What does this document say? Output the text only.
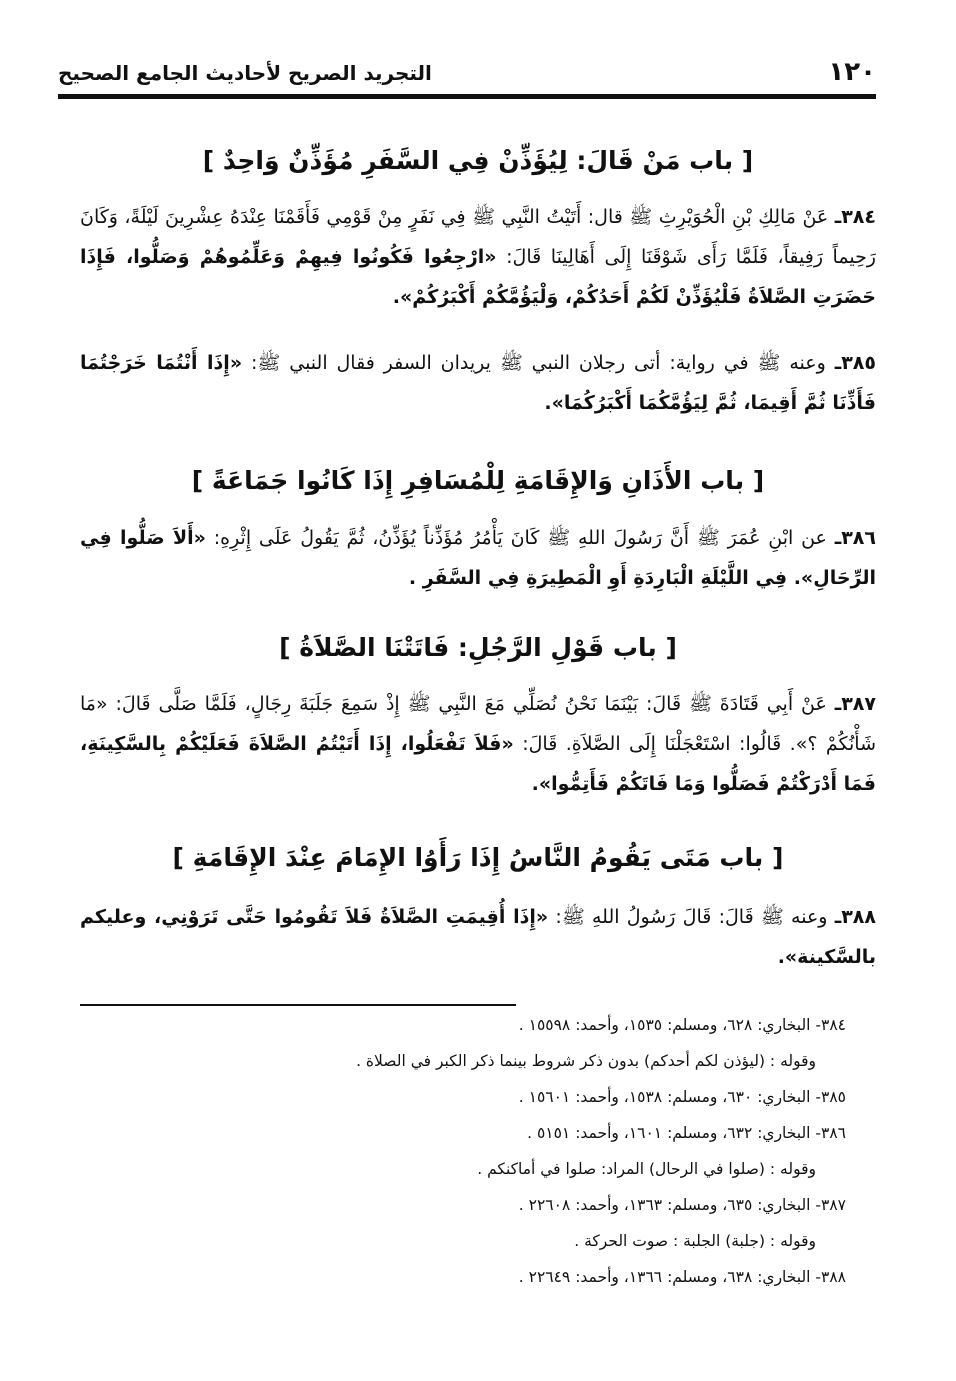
١٢٠
التجريد الصريح لأحاديث الجامع الصحيح
[ باب مَنْ قَالَ: لِيُؤَذِّنْ فِي السَّفَرِ مُؤَذِّنٌ وَاحِدٌ ]
٣٨٤ـ عَنْ مَالِكِ بْنِ الْحُوَيْرِثِ ﷺ قال: أَتَيْتُ النَّبِي ﷺ فِي نَفَرٍ مِنْ قَوْمِي فَأَقَمْنَا عِنْدَهُ عِشْرِينَ لَيْلَةً، وَكَانَ رَحِيماً رَفِيقاً، فَلَمَّا رَأَى شَوْقَنَا إِلَى أَهَالِينَا قَالَ: «ارْجِعُوا فَكُونُوا فِيهِمْ وَعَلِّمُوهُمْ وَصَلُّوا، فَإِذَا حَضَرَتِ الصَّلاَةُ فَلْيُؤَذِّنْ لَكُمْ أَحَدُكُمْ، وَلْيَؤُمَّكُمْ أَكْبَرُكُمْ».
٣٨٥ـ وعنه ﷺ في رواية: أتى رجلان النبي ﷺ يريدان السفر فقال النبي ﷺ: «إِذَا أَنْتُمَا خَرَجْتُمَا فَأَذِّنَا ثُمَّ أَقِيمَا، ثُمَّ لِيَؤُمَّكُمَا أَكْبَرُكُمَا».
[ باب الأَذَانِ وَالإِقَامَةِ لِلْمُسَافِرِ إِذَا كَانُوا جَمَاعَةً ]
٣٨٦ـ عن ابْنِ عُمَرَ ﷺ أَنَّ رَسُولَ اللهِ ﷺ كَانَ يَأْمُرُ مُؤَذِّناً يُؤَذِّنُ، ثُمَّ يَقُولُ عَلَى إِثْرِهِ: «أَلاَ صَلُّوا فِي الرِّحَالِ». فِي اللَّيْلَةِ الْبَارِدَةِ أَوِ الْمَطِيرَةِ فِي السَّفَرِ .
[ باب قَوْلِ الرَّجُلِ: فَاتَتْنَا الصَّلاَةُ ]
٣٨٧ـ عَنْ أَبِي قَتَادَةَ ﷺ قَالَ: بَيْنَمَا نَحْنُ نُصَلِّي مَعَ النَّبِي ﷺ إِذْ سَمِعَ جَلَبَةَ رِجَالٍ، فَلَمَّا صَلَّى قَالَ: «مَا شَأْنُكُمْ ؟». قَالُوا: اسْتَعْجَلْنَا إِلَى الصَّلاَةِ. قَالَ: «فَلاَ تَفْعَلُوا، إِذَا أَتَيْتُمُ الصَّلاَةَ فَعَلَيْكُمْ بِالسَّكِينَةِ، فَمَا أَدْرَكْتُمْ فَصَلُّوا وَمَا فَاتَكُمْ فَأَتِمُّوا».
[ باب مَتَى يَقُومُ النَّاسُ إِذَا رَأَوُا الإِمَامَ عِنْدَ الإِقَامَةِ ]
٣٨٨ـ وعنه ﷺ قَالَ: قَالَ رَسُولُ اللهِ ﷺ: «إِذَا أُقِيمَتِ الصَّلاَةُ فَلاَ تَقُومُوا حَتَّى تَرَوْنِي، وعليكم بالسَّكينة».
٣٨٤- البخاري: ٦٢٨، ومسلم: ١٥٣٥، وأحمد: ١٥٥٩٨ .
وقوله : (ليؤذن لكم أحدكم) بدون ذكر شروط بينما ذكر الكبر في الصلاة .
٣٨٥- البخاري: ٦٣٠، ومسلم: ١٥٣٨، وأحمد: ١٥٦٠١ .
٣٨٦- البخاري: ٦٣٢، ومسلم: ١٦٠١، وأحمد: ٥١٥١ .
وقوله : (صلوا في الرحال) المراد: صلوا في أماكنكم .
٣٨٧- البخاري: ٦٣٥، ومسلم: ١٣٦٣، وأحمد: ٢٢٦٠٨ .
وقوله : (جلبة) الجلبة : صوت الحركة .
٣٨٨- البخاري: ٦٣٨، ومسلم: ١٣٦٦، وأحمد: ٢٢٦٤٩ .
